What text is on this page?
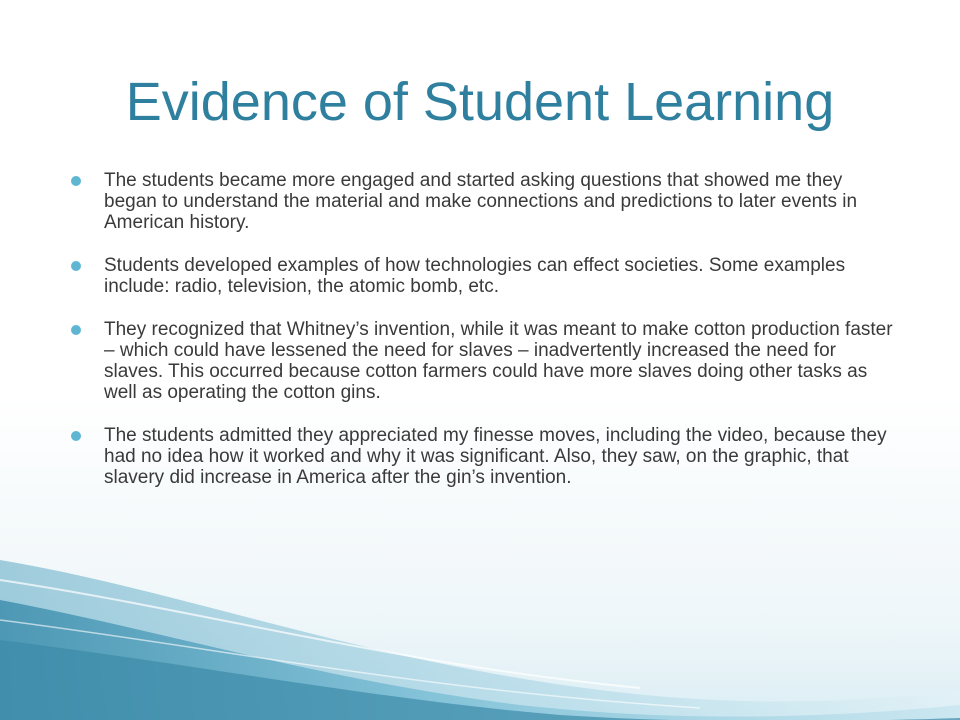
Evidence of Student Learning
The students became more engaged and started asking questions that showed me they began to understand the material and make connections and predictions to later events in American history.
Students developed examples of how technologies can effect societies. Some examples include: radio, television, the atomic bomb, etc.
They recognized that Whitney’s invention, while it was meant to make cotton production faster – which could have lessened the need for slaves – inadvertently increased the need for slaves. This occurred because cotton farmers could have more slaves doing other tasks as well as operating the cotton gins.
The students admitted they appreciated my finesse moves, including the video, because they had no idea how it worked and why it was significant. Also, they saw, on the graphic, that slavery did increase in America after the gin’s invention.
